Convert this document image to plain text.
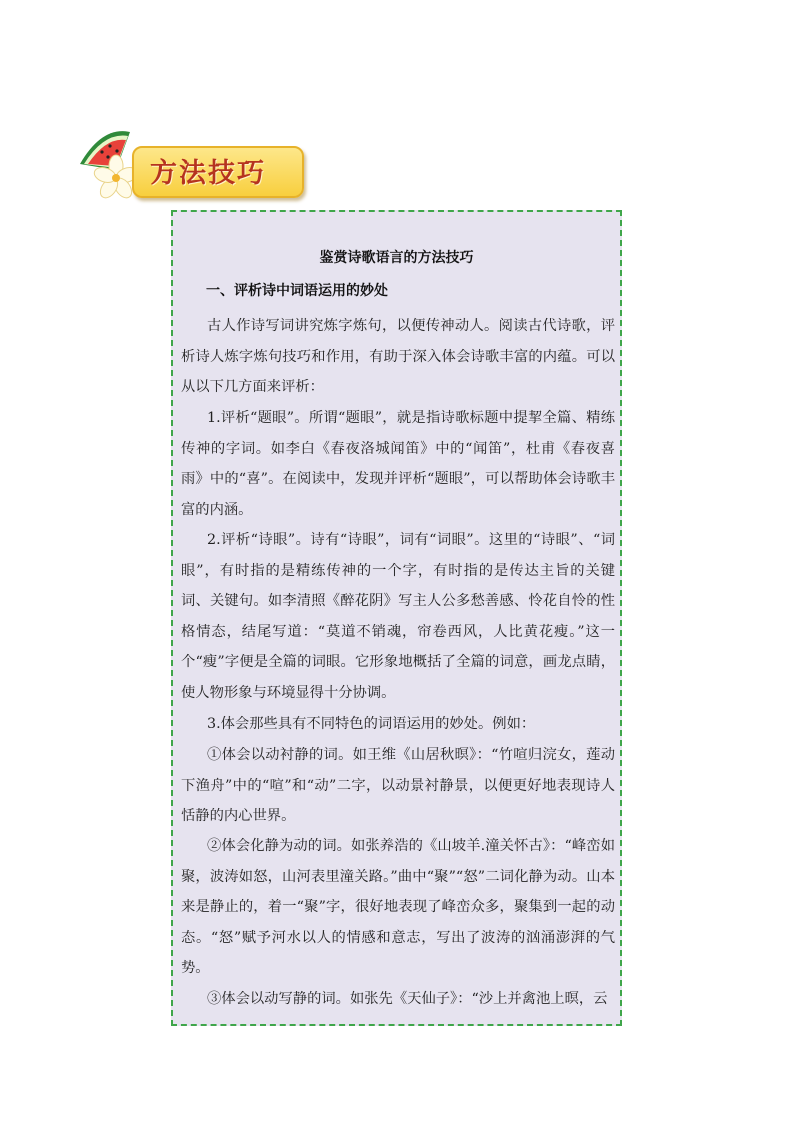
方法技巧
鉴赏诗歌语言的方法技巧
一、评析诗中词语运用的妙处

古人作诗写词讲究炼字炼句，以便传神动人。阅读古代诗歌，评析诗人炼字炼句技巧和作用，有助于深入体会诗歌丰富的内蕴。可以从以下几方面来评析：

1.评析“题眼”。所谓“题眼”，就是指诗歌标题中提挈全篇、精练传神的字词。如李白《春夜洛城闻笛》中的“闻笛”，杜甫《春夜喜雨》中的“喜”。在阅读中，发现并评析“题眼”，可以帮助体会诗歌丰富的内涵。

2.评析“诗眼”。诗有“诗眼”，词有“词眼”。这里的“诗眼”、“词眼”，有时指的是精练传神的一个字，有时指的是传达主旨的关键词、关键句。如李清照《醉花阴》写主人公多愁善感、怜花自怜的性格情态，结尾写道：“莫道不销魂，帘卷西风，人比黄花瘦。”这一个“瘦”字便是全篇的词眼。它形象地概括了全篇的词意，画龙点睛，使人物形象与环境显得十分协调。

3.体会那些具有不同特色的词语运用的妙处。例如：

①体会以动衬静的词。如王维《山居秋暝》：“竹喧归浣女，莲动下渔舟”中的“喧”和“动”二字，以动景衬静景，以便更好地表现诗人恬静的内心世界。

②体会化静为动的词。如张养浩的《山坡羊.潼关怀古》：“峰峦如聚，波涛如怒，山河表里潼关路。”曲中“聚”“怒”二词化静为动。山本来是静止的，着一“聚”字，很好地表现了峰峦众多，聚集到一起的动态。“怒”赋予河水以人的情感和意志，写出了波涛的汹涌澎湃的气势。

③体会以动写静的词。如张先《天仙子》：“沙上并禽池上暝，云
